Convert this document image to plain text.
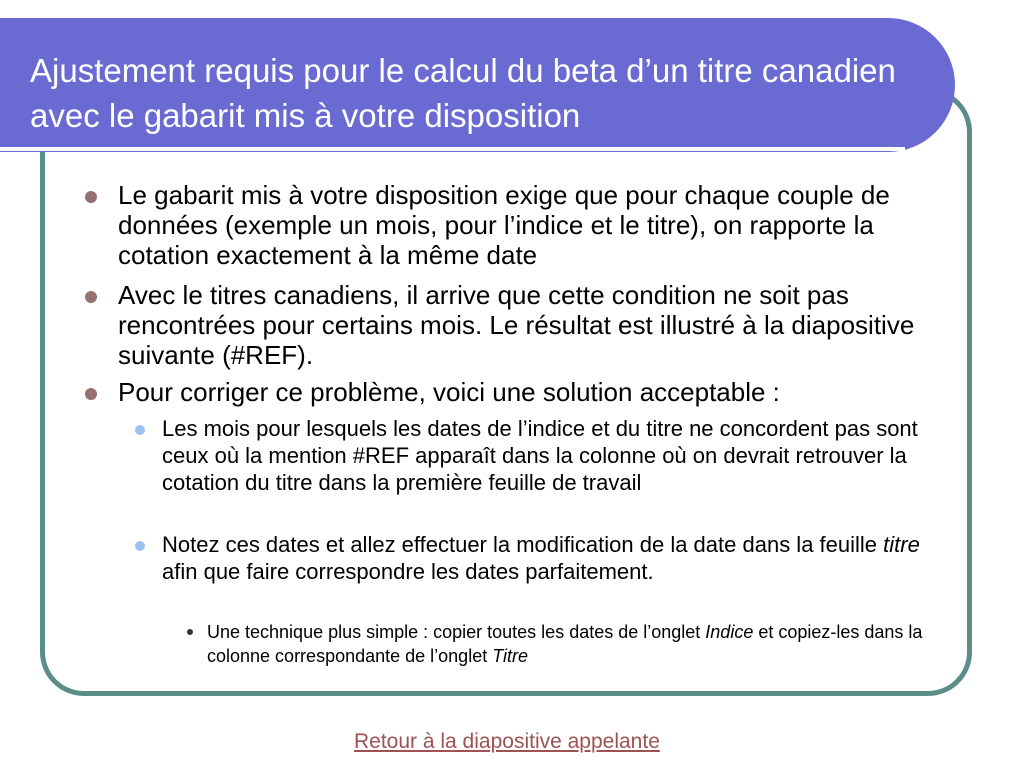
Ajustement requis pour le calcul du beta d’un titre canadien avec le gabarit mis à votre disposition
Le gabarit mis à votre disposition exige que pour chaque couple de données (exemple un mois, pour l’indice et le titre), on rapporte la cotation exactement à la même date
Avec le titres canadiens, il arrive que cette condition ne soit pas rencontrées pour certains mois. Le résultat est illustré à la diapositive suivante (#REF).
Pour corriger ce problème, voici une solution acceptable :
Les mois pour lesquels les dates de l’indice et du titre ne concordent pas sont ceux où la mention #REF apparaît dans la colonne où on devrait retrouver la cotation du titre dans la première feuille de travail
Notez ces dates et allez effectuer la modification de la date dans la feuille titre afin que faire correspondre les dates parfaitement.
Une technique plus simple : copier toutes les dates de l’onglet Indice et copiez-les dans la colonne correspondante de l’onglet Titre
Retour à la diapositive appelante
